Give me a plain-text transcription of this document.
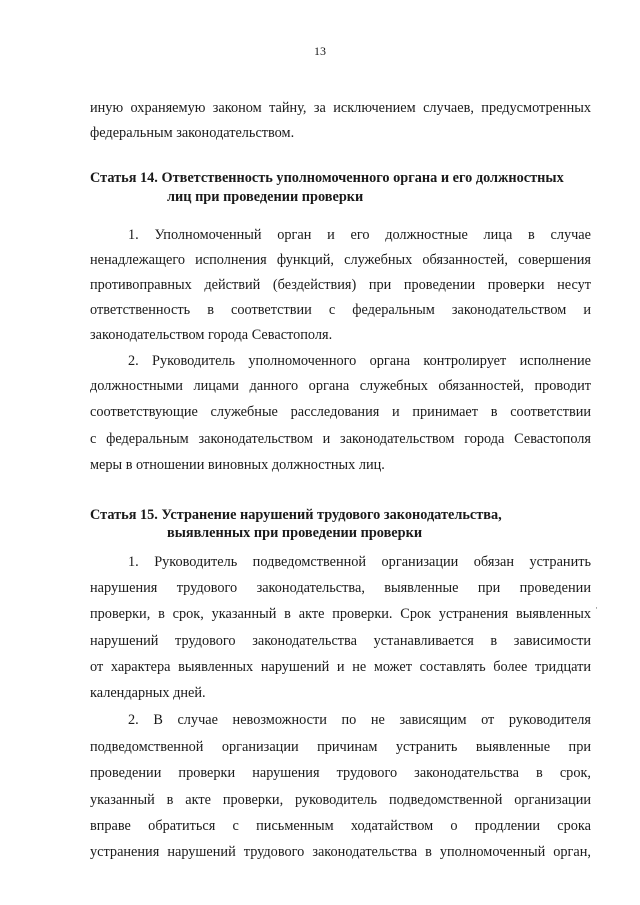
13
иную охраняемую законом тайну, за исключением случаев, предусмотренных
федеральным законодательством.
Статья 14. Ответственность уполномоченного органа и его должностных
лиц при проведении проверки
1. Уполномоченный орган и его должностные лица в случае
ненадлежащего исполнения функций, служебных обязанностей, совершения
противоправных действий (бездействия) при проведении проверки несут
ответственность в соответствии с федеральным законодательством и
законодательством города Севастополя.
2. Руководитель уполномоченного органа контролирует исполнение
должностными лицами данного органа служебных обязанностей, проводит
соответствующие служебные расследования и принимает в соответствии
с федеральным законодательством и законодательством города Севастополя
меры в отношении виновных должностных лиц.
Статья 15. Устранение нарушений трудового законодательства,
выявленных при проведении проверки
1. Руководитель подведомственной организации обязан устранить
нарушения трудового законодательства, выявленные при проведении
проверки, в срок, указанный в акте проверки. Срок устранения выявленных
нарушений трудового законодательства устанавливается в зависимости
от характера выявленных нарушений и не может составлять более тридцати
календарных дней.
2. В случае невозможности по не зависящим от руководителя
подведомственной организации причинам устранить выявленные при
проведении проверки нарушения трудового законодательства в срок,
указанный в акте проверки, руководитель подведомственной организации
вправе обратиться с письменным ходатайством о продлении срока
устранения нарушений трудового законодательства в уполномоченный орган,
·
